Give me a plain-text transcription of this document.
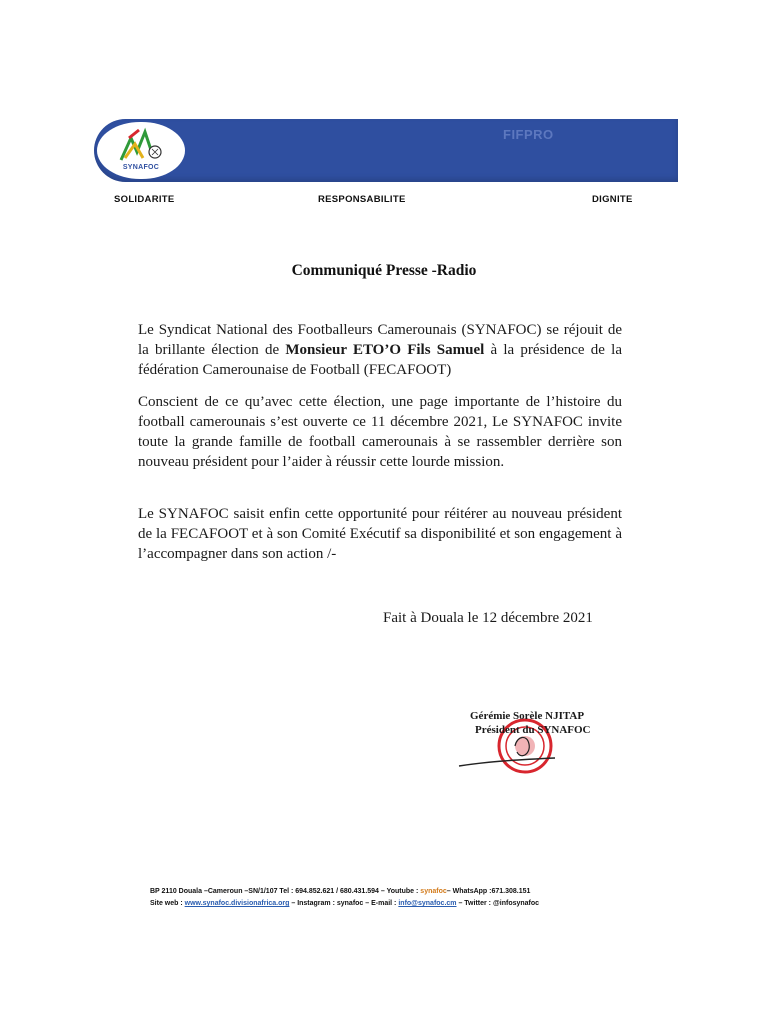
SYNAFOC
FIFPRO
SOLIDARITE	RESPONSABILITE	DIGNITE
Communiqué Presse -Radio
Le Syndicat National des Footballeurs Camerounais (SYNAFOC) se réjouit de la brillante élection de Monsieur ETO’O Fils Samuel à la présidence de la fédération Camerounaise de Football (FECAFOOT)
Conscient de ce qu’avec cette élection, une page importante de l’histoire du football camerounais s’est ouverte ce 11 décembre 2021, Le SYNAFOC invite toute la grande famille de football camerounais à se rassembler derrière son nouveau président pour l’aider à réussir cette lourde mission.
Le SYNAFOC saisit enfin cette opportunité pour réitérer au nouveau président de la FECAFOOT et à son Comité Exécutif sa disponibilité et son engagement à l’accompagner dans son action /-
Fait à Douala le 12 décembre 2021
Gérémie Sorèle NJITAP
Président du SYNAFOC
BP 2110 Douala –Cameroun –SN/1/107 Tel : 694.852.621 / 680.431.594 – Youtube : synafoc– WhatsApp :671.308.151
Site web : www.synafoc.divisionafrica.org – Instagram : synafoc – E-mail : info@synafoc.cm – Twitter : @infosynafoc
